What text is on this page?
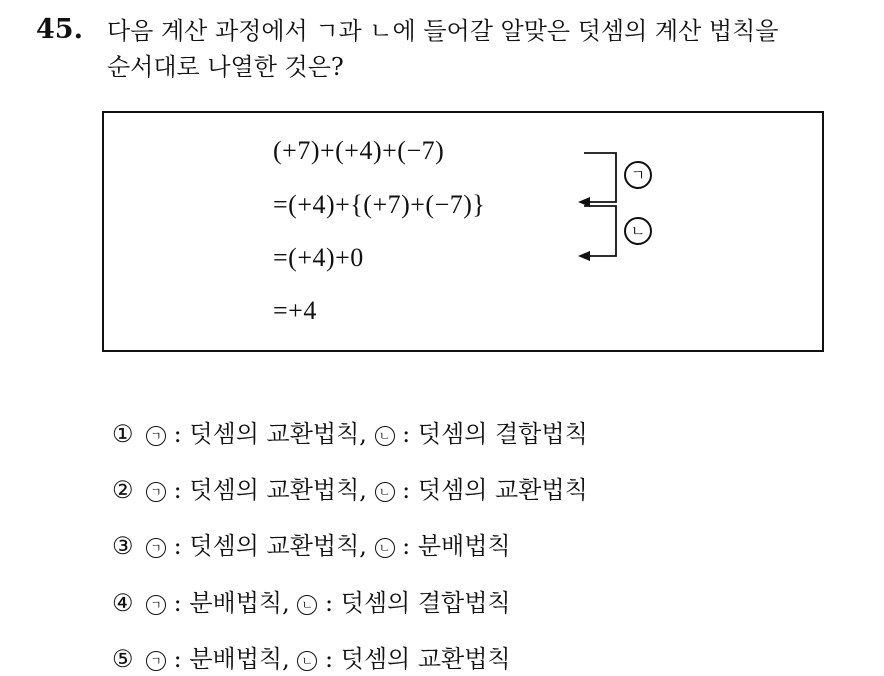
45. 다음 계산 과정에서 ㄱ과 ㄴ에 들어갈 알맞은 덧셈의 계산 법칙을
순서대로 나열한 것은?
(+7)+(+4)+(−7)
=(+4)+{(+7)+(−7)}
=(+4)+0
=+4
ㄱ
ㄴ
① ㄱ : 덧셈의 교환법칙, ㄴ : 덧셈의 결합법칙
② ㄱ : 덧셈의 교환법칙, ㄴ : 덧셈의 교환법칙
③ ㄱ : 덧셈의 교환법칙, ㄴ : 분배법칙
④ ㄱ : 분배법칙, ㄴ : 덧셈의 결합법칙
⑤ ㄱ : 분배법칙, ㄴ : 덧셈의 교환법칙
